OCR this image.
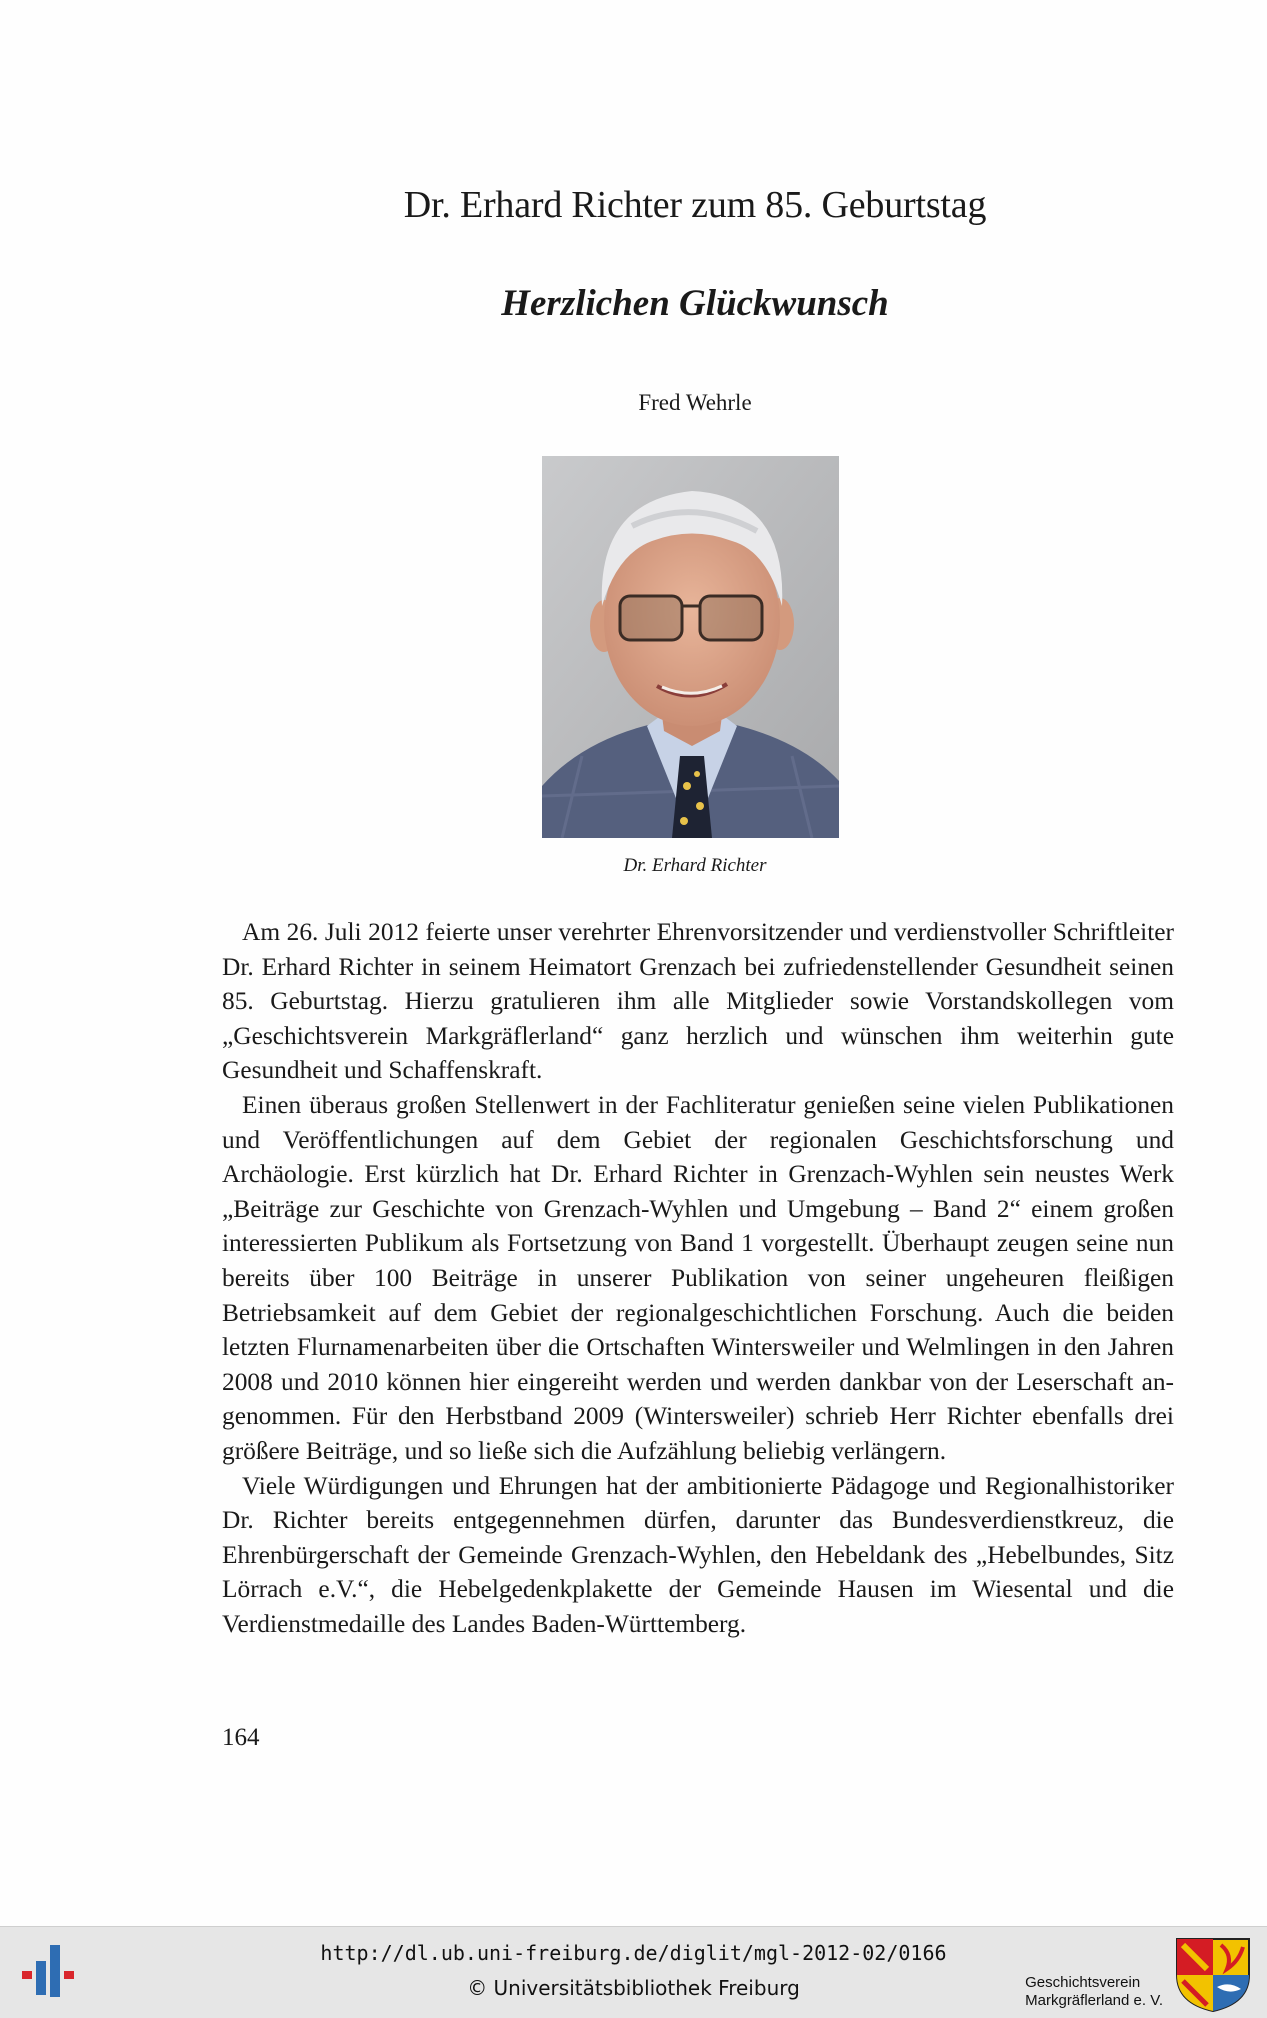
Dr. Erhard Richter zum 85. Geburtstag
Herzlichen Glückwunsch
Fred Wehrle
Dr. Erhard Richter

Am 26. Juli 2012 feierte unser verehrter Ehrenvorsitzender und verdienstvoller Schriftleiter Dr. Erhard Richter in seinem Heimatort Grenzach bei zufriedenstellender Gesundheit seinen 85. Geburtstag. Hierzu gratulieren ihm alle Mitglieder sowie Vorstandskollegen vom „Geschichtsverein Markgräflerland“ ganz herzlich und wünschen ihm weiterhin gute Gesundheit und Schaffenskraft.

Einen überaus großen Stellenwert in der Fachliteratur genießen seine vielen Publikationen und Veröffentlichungen auf dem Gebiet der regionalen Geschichtsforschung und Archäologie. Erst kürzlich hat Dr. Erhard Richter in Grenzach-Wyhlen sein neustes Werk „Beiträge zur Geschichte von Grenzach-Wyhlen und Umgebung – Band 2“ einem großen interessierten Publikum als Fortsetzung von Band 1 vorgestellt. Überhaupt zeugen seine nun bereits über 100 Beiträge in unserer Publikation von seiner ungeheuren fleißigen Betriebsamkeit auf dem Gebiet der regionalgeschichtlichen Forschung. Auch die beiden letzten Flurnamenarbeiten über die Ortschaften Wintersweiler und Welmlingen in den Jahren 2008 und 2010 können hier eingereiht werden und werden dankbar von der Leserschaft angenommen. Für den Herbstband 2009 (Wintersweiler) schrieb Herr Richter ebenfalls drei größere Beiträge, und so ließe sich die Aufzählung beliebig verlängern.

Viele Würdigungen und Ehrungen hat der ambitionierte Pädagoge und Regionalhistoriker Dr. Richter bereits entgegennehmen dürfen, darunter das Bundesverdienstkreuz, die Ehrenbürgerschaft der Gemeinde Grenzach-Wyhlen, den Hebeldank des „Hebelbundes, Sitz Lörrach e.V.“, die Hebelgedenkplakette der Gemeinde Hausen im Wiesental und die Verdienstmedaille des Landes Baden-Württemberg.

164
http://dl.ub.uni-freiburg.de/diglit/mgl-2012-02/0166
© Universitätsbibliothek Freiburg	Geschichtsverein
Markgräflerland e. V.
